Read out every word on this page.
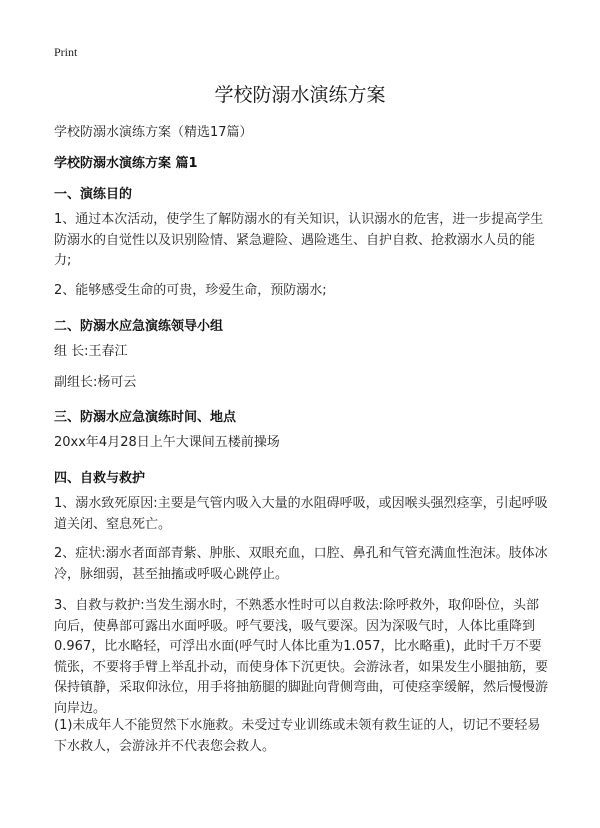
Print
学校防溺水演练方案
学校防溺水演练方案（精选17篇）
学校防溺水演练方案 篇1
一、演练目的

1、通过本次活动，使学生了解防溺水的有关知识，认识溺水的危害，进一步提高学生防溺水的自觉性以及识别险情、紧急避险、遇险逃生、自护自救、抢救溺水人员的能力;

2、能够感受生命的可贵，珍爱生命，预防溺水;

二、防溺水应急演练领导小组

组 长:王春江

副组长:杨可云

三、防溺水应急演练时间、地点

20xx年4月28日上午大课间五楼前操场

四、自救与救护

1、溺水致死原因:主要是气管内吸入大量的水阻碍呼吸，或因喉头强烈痉挛，引起呼吸道关闭、窒息死亡。

2、症状:溺水者面部青紫、肿胀、双眼充血，口腔、鼻孔和气管充满血性泡沫。肢体冰冷，脉细弱，甚至抽搐或呼吸心跳停止。

3、自救与救护:当发生溺水时，不熟悉水性时可以自救法:除呼救外，取仰卧位，头部向后，使鼻部可露出水面呼吸。呼气要浅，吸气要深。因为深吸气时，人体比重降到0.967，比水略轻，可浮出水面(呼气时人体比重为1.057，比水略重)，此时千万不要慌张，不要将手臂上举乱扑动，而使身体下沉更快。会游泳者，如果发生小腿抽筋，要保持镇静，采取仰泳位，用手将抽筋腿的脚趾向背侧弯曲，可使痉挛缓解，然后慢慢游向岸边。

(1)未成年人不能贸然下水施救。未受过专业训练或未领有救生证的人，切记不要轻易下水救人，会游泳并不代表您会救人。
